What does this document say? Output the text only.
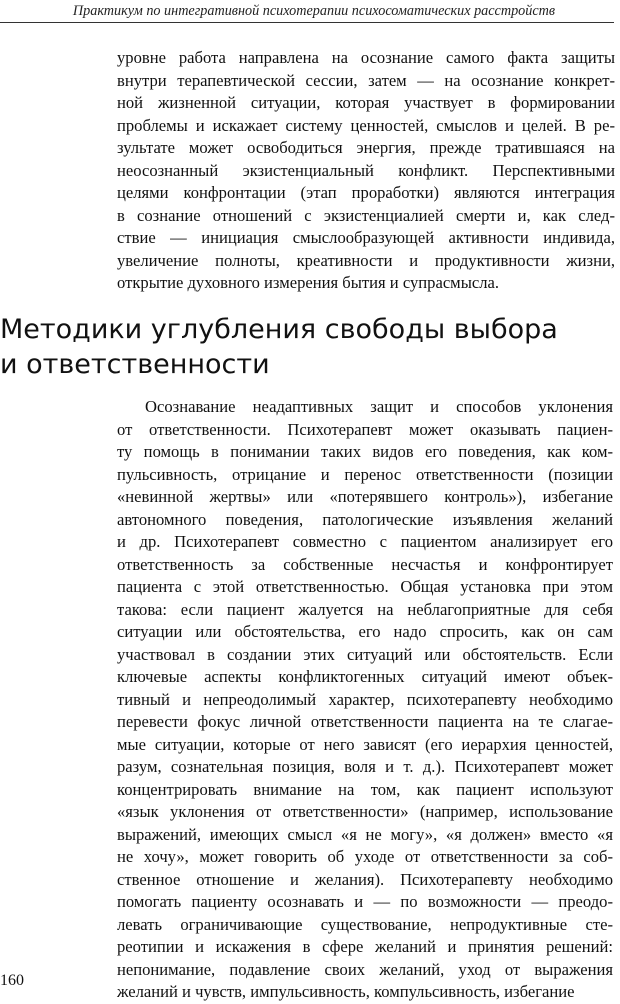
Практикум по интегративной психотерапии психосоматических расстройств
уровне работа направлена на осознание самого факта защиты
внутри терапевтической сессии, затем — на осознание конкрет-
ной жизненной ситуации, которая участвует в формировании
проблемы и искажает систему ценностей, смыслов и целей. В ре-
зультате может освободиться энергия, прежде тратившаяся на
неосознанный экзистенциальный конфликт. Перспективными
целями конфронтации (этап проработки) являются интеграция
в сознание отношений с экзистенциалией смерти и, как след-
ствие — инициация смыслообразующей активности индивида,
увеличение полноты, креативности и продуктивности жизни,
открытие духовного измерения бытия и супрасмысла.
Методики углубления свободы выбора
и ответственности
Осознавание неадаптивных защит и способов уклонения
от ответственности. Психотерапевт может оказывать пациен-
ту помощь в понимании таких видов его поведения, как ком-
пульсивность, отрицание и перенос ответственности (позиции
«невинной жертвы» или «потерявшего контроль»), избегание
автономного поведения, патологические изъявления желаний
и др. Психотерапевт совместно с пациентом анализирует его
ответственность за собственные несчастья и конфронтирует
пациента с этой ответственностью. Общая установка при этом
такова: если пациент жалуется на неблагоприятные для себя
ситуации или обстоятельства, его надо спросить, как он сам
участвовал в создании этих ситуаций или обстоятельств. Если
ключевые аспекты конфликтогенных ситуаций имеют объек-
тивный и непреодолимый характер, психотерапевту необходимо
перевести фокус личной ответственности пациента на те слагае-
мые ситуации, которые от него зависят (его иерархия ценностей,
разум, сознательная позиция, воля и т. д.). Психотерапевт может
концентрировать внимание на том, как пациент используют
«язык уклонения от ответственности» (например, использование
выражений, имеющих смысл «я не могу», «я должен» вместо «я
не хочу», может говорить об уходе от ответственности за соб-
ственное отношение и желания). Психотерапевту необходимо
помогать пациенту осознавать и — по возможности — преодо-
левать ограничивающие существование, непродуктивные сте-
реотипии и искажения в сфере желаний и принятия решений:
непонимание, подавление своих желаний, уход от выражения
желаний и чувств, импульсивность, компульсивность, избегание
160
